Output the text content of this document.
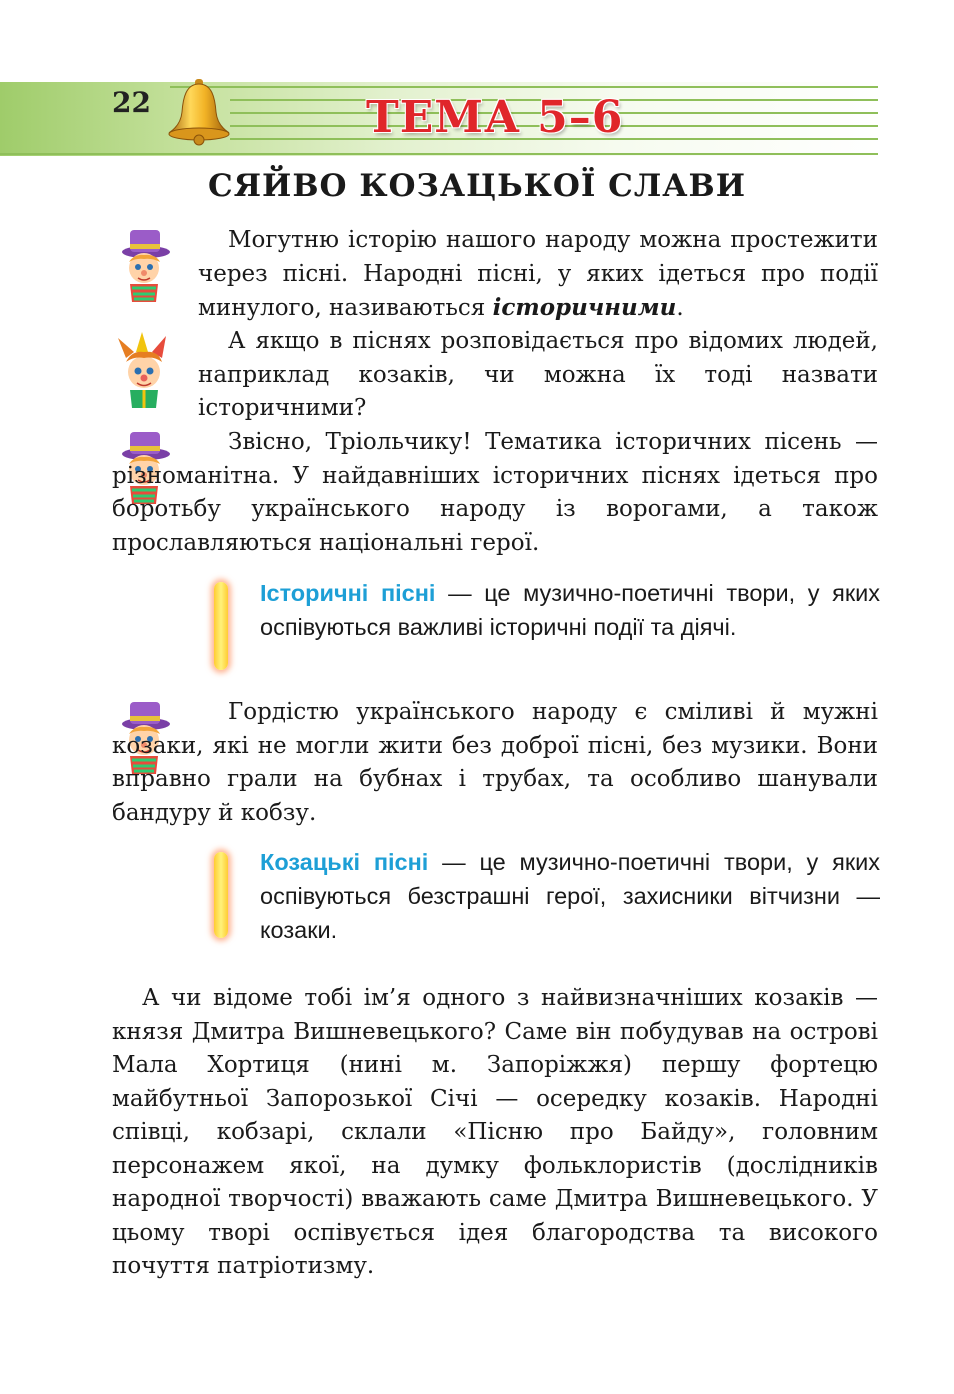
22	ТЕМА 5–6
СЯЙВО КОЗАЦЬКОЇ СЛАВИ

Могутню історію нашого народу можна простежити через пісні. Народні пісні, у яких ідеться про події минулого, називаються історичними.

А якщо в піснях розповідається про відомих людей, наприклад козаків, чи можна їх тоді назвати історичними?

Звісно, Тріольчику! Тематика історичних пісень — різноманітна. У найдавніших історичних піснях ідеться про боротьбу українського народу із ворогами, а також прославляються національні герої.

Історичні пісні — це музично-поетичні твори, у яких оспівуються важливі історичні події та діячі.

Гордістю українського народу є сміливі й мужні козаки, які не могли жити без доброї пісні, без музики. Вони вправно грали на бубнах і трубах, та особливо шанували бандуру й кобзу.

Козацькі пісні — це музично-поетичні твори, у яких оспівуються безстрашні герої, захисники вітчизни — козаки.

А чи відоме тобі ім’я одного з найвизначніших козаків — князя Дмитра Вишневецького? Саме він побудував на острові Мала Хортиця (нині м. Запоріжжя) першу фортецю майбутньої Запорозької Січі — осередку козаків. Народні співці, кобзарі, склали «Пісню про Байду», головним персонажем якої, на думку фольклористів (дослідників народної творчості) вважають саме Дмитра Вишневецького. У цьому творі оспівується ідея благородства та високого почуття патріотизму.
